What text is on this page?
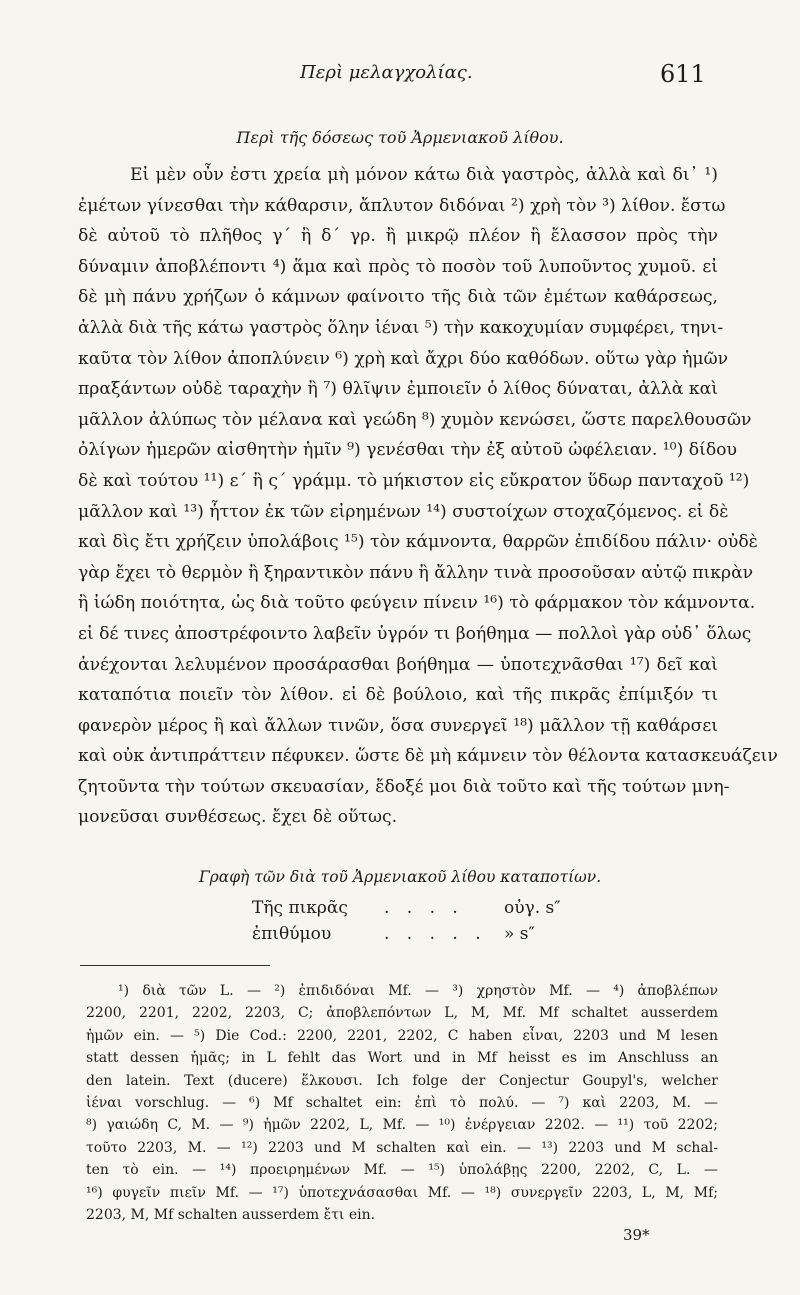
Περὶ μελαγχολίας.	611
Περὶ τῆς δόσεως τοῦ Ἀρμενιακοῦ λίθου.
Εἰ μὲν οὖν ἐστι χρεία μὴ μόνον κάτω διὰ γαστρὸς, ἀλλὰ καὶ δι᾽ ¹)
ἐμέτων γίνεσθαι τὴν κάθαρσιν, ἄπλυτον διδόναι ²) χρὴ τὸν ³) λίθον. ἔστω
δὲ αὐτοῦ τὸ πλῆθος γ΄ ἢ δ΄ γρ. ἢ μικρῷ πλέον ἢ ἔλασσον πρὸς τὴν
δύναμιν ἀποβλέποντι ⁴) ἅμα καὶ πρὸς τὸ ποσὸν τοῦ λυποῦντος χυμοῦ. εἰ
δὲ μὴ πάνυ χρήζων ὁ κάμνων φαίνοιτο τῆς διὰ τῶν ἐμέτων καθάρσεως,
ἀλλὰ διὰ τῆς κάτω γαστρὸς ὅλην ἰέναι ⁵) τὴν κακοχυμίαν συμφέρει, τηνι-
καῦτα τὸν λίθον ἀποπλύνειν ⁶) χρὴ καὶ ἄχρι δύο καθόδων. οὕτω γὰρ ἡμῶν
πραξάντων οὐδὲ ταραχὴν ἢ ⁷) θλῖψιν ἐμποιεῖν ὁ λίθος δύναται, ἀλλὰ καὶ
μᾶλλον ἀλύπως τὸν μέλανα καὶ γεώδη ⁸) χυμὸν κενώσει, ὥστε παρελθουσῶν
ὀλίγων ἡμερῶν αἰσθητὴν ἡμῖν ⁹) γενέσθαι τὴν ἐξ αὐτοῦ ὠφέλειαν. ¹⁰) δίδου
δὲ καὶ τούτου ¹¹) ε΄ ἢ ς΄ γράμμ. τὸ μήκιστον εἰς εὔκρατον ὕδωρ πανταχοῦ ¹²)
μᾶλλον καὶ ¹³) ἧττον ἐκ τῶν εἰρημένων ¹⁴) συστοίχων στοχαζόμενος. εἰ δὲ
καὶ δὶς ἔτι χρήζειν ὑπολάβοις ¹⁵) τὸν κάμνοντα, θαρρῶν ἐπιδίδου πάλιν· οὐδὲ
γὰρ ἔχει τὸ θερμὸν ἢ ξηραντικὸν πάνυ ἢ ἄλλην τινὰ προσοῦσαν αὐτῷ πικρὰν
ἢ ἰώδη ποιότητα, ὡς διὰ τοῦτο φεύγειν πίνειν ¹⁶) τὸ φάρμακον τὸν κάμνοντα.
εἰ δέ τινες ἀποστρέφοιντο λαβεῖν ὑγρόν τι βοήθημα — πολλοὶ γὰρ οὐδ᾽ ὅλως
ἀνέχονται λελυμένον προσάρασθαι βοήθημα — ὑποτεχνᾶσθαι ¹⁷) δεῖ καὶ
καταπότια ποιεῖν τὸν λίθον. εἰ δὲ βούλοιο, καὶ τῆς πικρᾶς ἐπίμιξόν τι
φανερὸν μέρος ἢ καὶ ἄλλων τινῶν, ὅσα συνεργεῖ ¹⁸) μᾶλλον τῇ καθάρσει
καὶ οὐκ ἀντιπράττειν πέφυκεν. ὥστε δὲ μὴ κάμνειν τὸν θέλοντα κατασκευάζειν
ζητοῦντα τὴν τούτων σκευασίαν, ἔδοξέ μοι διὰ τοῦτο καὶ τῆς τούτων μνη-
μονεῦσαι συνθέσεως. ἔχει δὲ οὕτως.
Γραφὴ τῶν διὰ τοῦ Ἀρμενιακοῦ λίθου καταποτίων.
Τῆς πικρᾶς	. . . .	οὐγ. s″
ἐπιθύμου	. . . . .	» s″
¹) διὰ τῶν L. — ²) ἐπιδιδόναι Mf. — ³) χρηστὸν Mf. — ⁴) ἀποβλέπων
2200, 2201, 2202, 2203, C; ἀποβλεπόντων L, M, Mf. Mf schaltet ausserdem
ἡμῶν ein. — ⁵) Die Cod.: 2200, 2201, 2202, C haben εἶναι, 2203 und M lesen
statt dessen ἡμᾶς; in L fehlt das Wort und in Mf heisst es im Anschluss an
den latein. Text (ducere) ἕλκουσι. Ich folge der Conjectur Goupyl's, welcher
ἰέναι vorschlug. — ⁶) Mf schaltet ein: ἐπὶ τὸ πολύ. — ⁷) καὶ 2203, M. —
⁸) γαιώδη C, M. — ⁹) ἡμῶν 2202, L, Mf. — ¹⁰) ἐνέργειαν 2202. — ¹¹) τοῦ 2202;
τοῦτο 2203, M. — ¹²) 2203 und M schalten καὶ ein. — ¹³) 2203 und M schal-
ten τὸ ein. — ¹⁴) προειρημένων Mf. — ¹⁵) ὑπολάβῃς 2200, 2202, C, L. —
¹⁶) φυγεῖν πιεῖν Mf. — ¹⁷) ὑποτεχνάσασθαι Mf. — ¹⁸) συνεργεῖν 2203, L, M, Mf;
2203, M, Mf schalten ausserdem ἔτι ein.
39*
